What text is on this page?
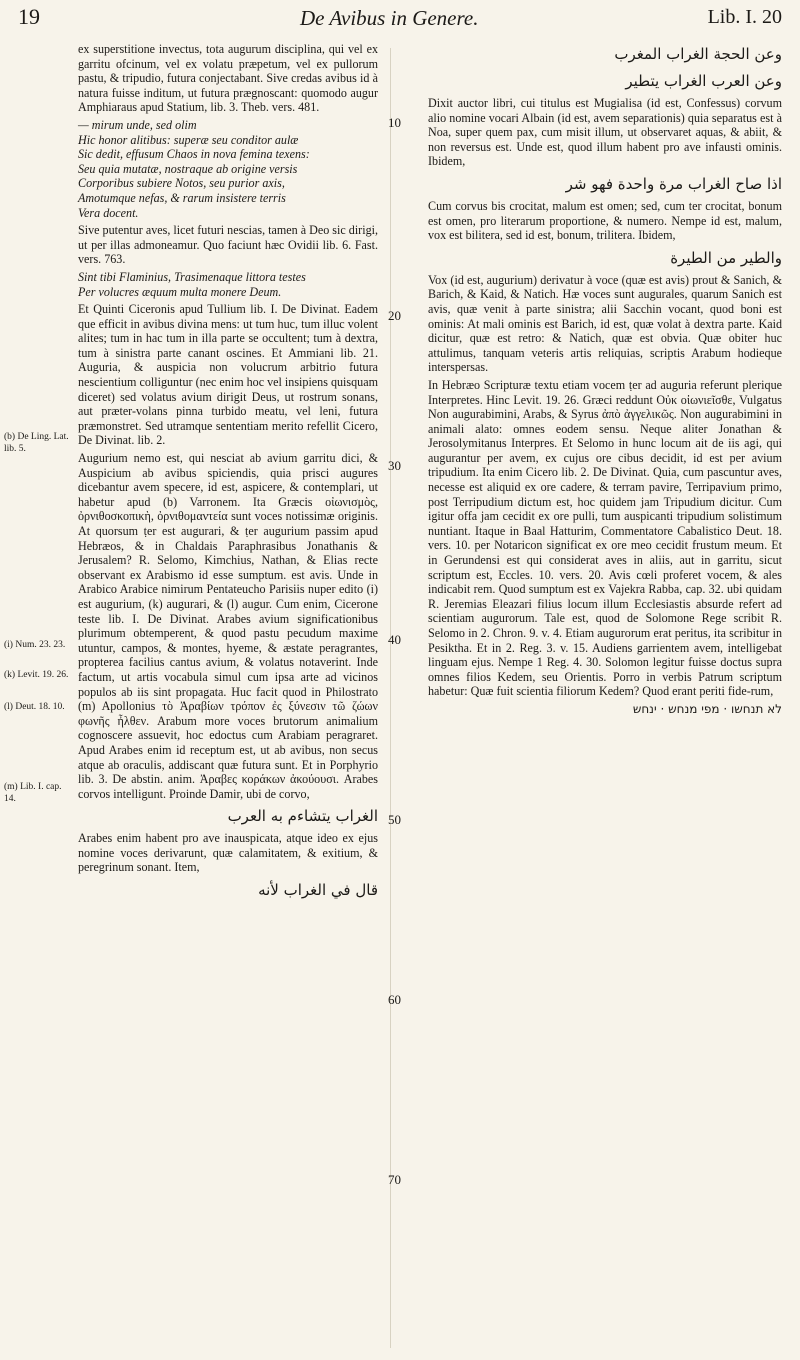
19	De Avibus in Genere.	Lib. I. 20
(b) De Ling. Lat. lib. 5.
(i) Num. 23. 23.
(k) Levit. 19. 26.
(l) Deut. 18. 10.
(m) Lib. I. cap. 14.
10
20
30
40
50
60
70

ex superstitione invectus, tota augurum disciplina, qui vel ex garritu ofcinum, vel ex volatu præpetum, vel ex pullorum pastu, & tripudio, futura conjectabant. Sive credas avibus id à natura fuisse inditum, ut futura prægnoscant: quomodo augur Amphiaraus apud Statium, lib. 3. Theb. vers. 481.

— mirum unde, sed olim
Hic honor alitibus: superæ seu conditor aulæ
Sic dedit, effusum Chaos in nova femina texens:
Seu quia mutatæ, nostraque ab origine versis
Corporibus subiere Notos, seu purior axis,
Amotumque nefas, & rarum insistere terris
Vera docent.

Sive putentur aves, licet futuri nescias, tamen à Deo sic dirigi, ut per illas admoneamur. Quo faciunt hæc Ovidii lib. 6. Fast. vers. 763.

Sint tibi Flaminius, Trasimenaque littora testes
Per volucres æquum multa monere Deum.

Et Quinti Ciceronis apud Tullium lib. I. De Divinat. Eadem que efficit in avibus divina mens: ut tum huc, tum illuc volent alites; tum in hac tum in illa parte se occultent; tum à dextra, tum à sinistra parte canant oscines. Et Ammiani lib. 21. Auguria, & auspicia non volucrum arbitrio futura nescientium colliguntur (nec enim hoc vel insipiens quisquam diceret) sed volatus avium dirigit Deus, ut rostrum sonans, aut præter-volans pinna turbido meatu, vel leni, futura præmonstret. Sed utramque sententiam merito refellit Cicero, De Divinat. lib. 2.

Augurium nemo est, qui nesciat ab avium garritu dici, & Auspicium ab avibus spiciendis, quia prisci augures dicebantur avem specere, id est, aspicere, & contemplari, ut habetur apud (b) Varronem. Ita Græcis οἰωνισμὸς, ὀρνιθοσκοπικὴ, ὀρνιθομαντεία sunt voces notissimæ originis. At quorsum ṭer est augurari, & ṭer augurium passim apud Hebræos, & in Chaldais Paraphrasibus Jonathanis & Jerusalem? R. Selomo, Kimchius, Nathan, & Elias recte observant ex Arabismo id esse sumptum. est avis. Unde in Arabico Arabice nimirum Pentateucho Parisiis nuper edito (i) est augurium, (k) augurari, & (l) augur. Cum enim, Cicerone teste lib. I. De Divinat. Arabes avium significationibus plurimum obtemperent, & quod pastu pecudum maxime utuntur, campos, & montes, hyeme, & æstate peragrantes, propterea facilius cantus avium, & volatus notaverint. Inde factum, ut artis vocabula simul cum ipsa arte ad vicinos populos ab iis sint propagata. Huc facit quod in Philostrato (m) Apollonius τὸ Ἀραβίων τρόπον ἐς ξύνεσιν τῶ ζώων φωνῆς ἦλθεν. Arabum more voces brutorum animalium cognoscere assuevit, hoc edoctus cum Arabiam peragraret. Apud Arabes enim id receptum est, ut ab avibus, non secus atque ab oraculis, addiscant quæ futura sunt. Et in Porphyrio lib. 3. De abstin. anim. Ἀραβες κοράκων ἀκούουσι. Arabes corvos intelligunt. Proinde Damir, ubi de corvo,

الغراب يتشاءم به العرب

Arabes enim habent pro ave inauspicata, atque ideo ex ejus nomine voces derivarunt, quæ calamitatem, & exitium, & peregrinum sonant. Item,

قال في الغراب لأنه

وعن الحجة الغراب المغرب

وعن العرب الغراب يتطير

Dixit auctor libri, cui titulus est Mugialisa (id est, Confessus) corvum alio nomine vocari Albain (id est, avem separationis) quia separatus est à Noa, super quem pax, cum misit illum, ut observaret aquas, & abiit, & non reversus est. Unde est, quod illum habent pro ave infausti ominis. Ibidem,

اذا صاح الغراب مرة واحدة فهو شر

Cum corvus bis crocitat, malum est omen; sed, cum ter crocitat, bonum est omen, pro literarum proportione, & numero. Nempe id est, malum, vox est bilitera, sed id est, bonum, trilitera. Ibidem,

والطير من الطيرة

Vox (id est, augurium) derivatur à voce (quæ est avis) prout & Sanich, & Barich, & Kaid, & Natich. Hæ voces sunt augurales, quarum Sanich est avis, quæ venit à parte sinistra; alii Sacchin vocant, quod boni est ominis: At mali ominis est Barich, id est, quæ volat à dextra parte. Kaid dicitur, quæ est retro: & Natich, quæ est obvia. Quæ obiter huc attulimus, tanquam veteris artis reliquias, scriptis Arabum hodieque interspersas.

In Hebræo Scripturæ textu etiam vocem ṭer ad auguria referunt plerique Interpretes. Hinc Levit. 19. 26. Græci reddunt Οὐκ οἰωνιεῖσθε, Vulgatus Non augurabimini, Arabs, & Syrus ἀπὸ ἀγγελικῶς. Non augurabimini in animali alato: omnes eodem sensu. Neque aliter Jonathan & Jerosolymitanus Interpres. Et Selomo in hunc locum ait de iis agi, qui augurantur per avem, ex cujus ore cibus decidit, id est per avium tripudium. Ita enim Cicero lib. 2. De Divinat. Quia, cum pascuntur aves, necesse est aliquid ex ore cadere, & terram pavire, Terripavium primo, post Terripudium dictum est, hoc quidem jam Tripudium dicitur. Cum igitur offa jam cecidit ex ore pulli, tum auspicanti tripudium solistimum nuntiant. Itaque in Baal Hatturim, Commentatore Cabalistico Deut. 18. vers. 10. per Notaricon significat ex ore meo cecidit frustum meum. Et in Gerundensi est qui considerat aves in aliis, aut in garritu, sicut scriptum est, Eccles. 10. vers. 20. Avis cœli proferet vocem, & ales indicabit rem. Quod sumptum est ex Vajekra Rabba, cap. 32. ubi quidam R. Jeremias Eleazari filius locum illum Ecclesiastis absurde refert ad scientiam augurorum. Tale est, quod de Solomone Rege scribit R. Selomo in 2. Chron. 9. v. 4. Etiam augurorum erat peritus, ita scribitur in Pesiktha. Et in 2. Reg. 3. v. 15. Audiens garrientem avem, intelligebat linguam ejus. Nempe 1 Reg. 4. 30. Solomon legitur fuisse doctus supra omnes filios Kedem, seu Orientis. Porro in verbis Patrum scriptum habetur: Quæ fuit scientia filiorum Kedem? Quod erant periti fide-rum,

לא תנחשו · מפי מנחש · ינחש
